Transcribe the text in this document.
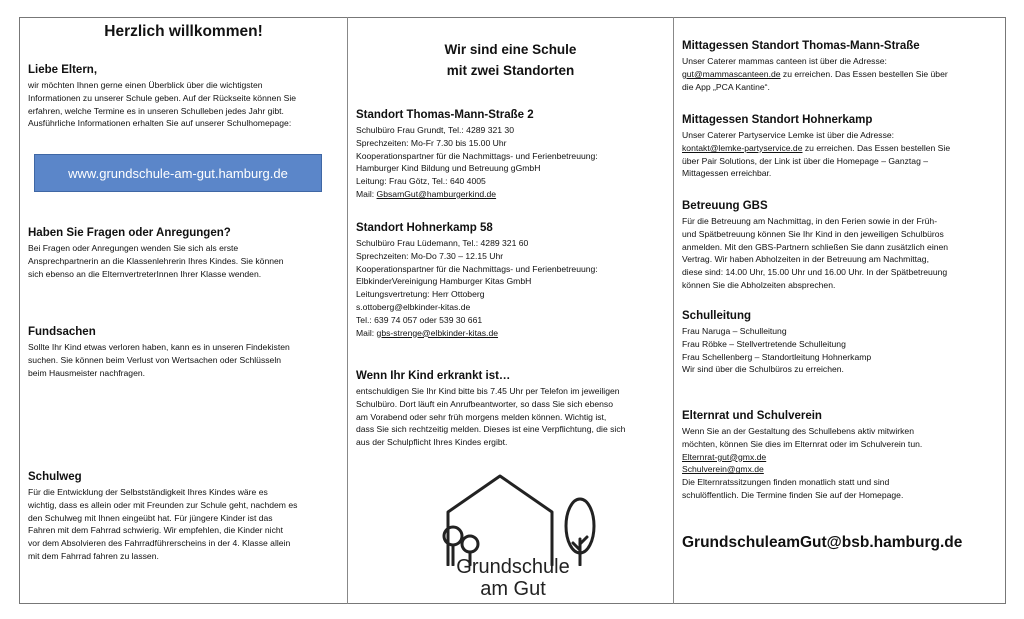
Herzlich willkommen!
Liebe Eltern,
wir möchten Ihnen gerne einen Überblick über die wichtigsten
Informationen zu unserer Schule geben. Auf der Rückseite können Sie
erfahren, welche Termine es in unseren Schulleben jedes Jahr gibt.
Ausführliche Informationen erhalten Sie auf unserer Schulhomepage:
www.grundschule-am-gut.hamburg.de
Haben Sie Fragen oder Anregungen?
Bei Fragen oder Anregungen wenden Sie sich als erste
Ansprechpartnerin an die Klassenlehrerin Ihres Kindes. Sie können
sich ebenso an die ElternvertreterInnen Ihrer Klasse wenden.
Fundsachen
Sollte Ihr Kind etwas verloren haben, kann es in unseren Findekisten
suchen. Sie können beim Verlust von Wertsachen oder Schlüsseln
beim Hausmeister nachfragen.
Schulweg
Für die Entwicklung der Selbstständigkeit Ihres Kindes wäre es
wichtig, dass es allein oder mit Freunden zur Schule geht, nachdem es
den Schulweg mit Ihnen eingeübt hat. Für jüngere Kinder ist das
Fahren mit dem Fahrrad schwierig. Wir empfehlen, die Kinder nicht
vor dem Absolvieren des Fahrradführerscheins in der 4. Klasse allein
mit dem Fahrrad fahren zu lassen.
Wir sind eine Schule
mit zwei Standorten
Standort Thomas-Mann-Straße 2
Schulbüro Frau Grundt, Tel.: 4289 321 30
Sprechzeiten: Mo-Fr 7.30 bis 15.00 Uhr
Kooperationspartner für die Nachmittags- und Ferienbetreuung:
Hamburger Kind Bildung und Betreuung gGmbH
Leitung: Frau Götz, Tel.: 640 4005
Mail: GbsamGut@hamburgerkind.de
Standort Hohnerkamp 58
Schulbüro Frau Lüdemann, Tel.: 4289 321 60
Sprechzeiten: Mo-Do 7.30 – 12.15 Uhr
Kooperationspartner für die Nachmittags- und Ferienbetreuung:
ElbkinderVereinigung Hamburger Kitas GmbH
Leitungsvertretung: Herr Ottoberg
s.ottoberg@elbkinder-kitas.de
Tel.: 639 74 057 oder 539 30 661
Mail: gbs-strenge@elbkinder-kitas.de
Wenn Ihr Kind erkrankt ist…
entschuldigen Sie Ihr Kind bitte bis 7.45 Uhr per Telefon im jeweiligen
Schulbüro. Dort läuft ein Anrufbeantworter, so dass Sie sich ebenso
am Vorabend oder sehr früh morgens melden können. Wichtig ist,
dass Sie sich rechtzeitig melden. Dieses ist eine Verpflichtung, die sich
aus der Schulpflicht Ihres Kindes ergibt.
Grundschule
am Gut
Mittagessen Standort Thomas-Mann-Straße
Unser Caterer mammas canteen ist über die Adresse:
gut@mammascanteen.de zu erreichen. Das Essen bestellen Sie über
die App „PCA Kantine“.
Mittagessen Standort Hohnerkamp
Unser Caterer Partyservice Lemke ist über die Adresse:
kontakt@lemke-partyservice.de zu erreichen. Das Essen bestellen Sie
über Pair Solutions, der Link ist über die Homepage – Ganztag –
Mittagessen erreichbar.
Betreuung GBS
Für die Betreuung am Nachmittag, in den Ferien sowie in der Früh-
und Spätbetreuung können Sie Ihr Kind in den jeweiligen Schulbüros
anmelden. Mit den GBS-Partnern schließen Sie dann zusätzlich einen
Vertrag. Wir haben Abholzeiten in der Betreuung am Nachmittag,
diese sind: 14.00 Uhr, 15.00 Uhr und 16.00 Uhr. In der Spätbetreuung
können Sie die Abholzeiten absprechen.
Schulleitung
Frau Naruga – Schulleitung
Frau Röbke – Stellvertretende Schulleitung
Frau Schellenberg – Standortleitung Hohnerkamp
Wir sind über die Schulbüros zu erreichen.
Elternrat und Schulverein
Wenn Sie an der Gestaltung des Schullebens aktiv mitwirken
möchten, können Sie dies im Elternrat oder im Schulverein tun.
Elternrat-gut@gmx.de
Schulverein@gmx.de
Die Elternratssitzungen finden monatlich statt und sind
schulöffentlich. Die Termine finden Sie auf der Homepage.
GrundschuleamGut@bsb.hamburg.de
